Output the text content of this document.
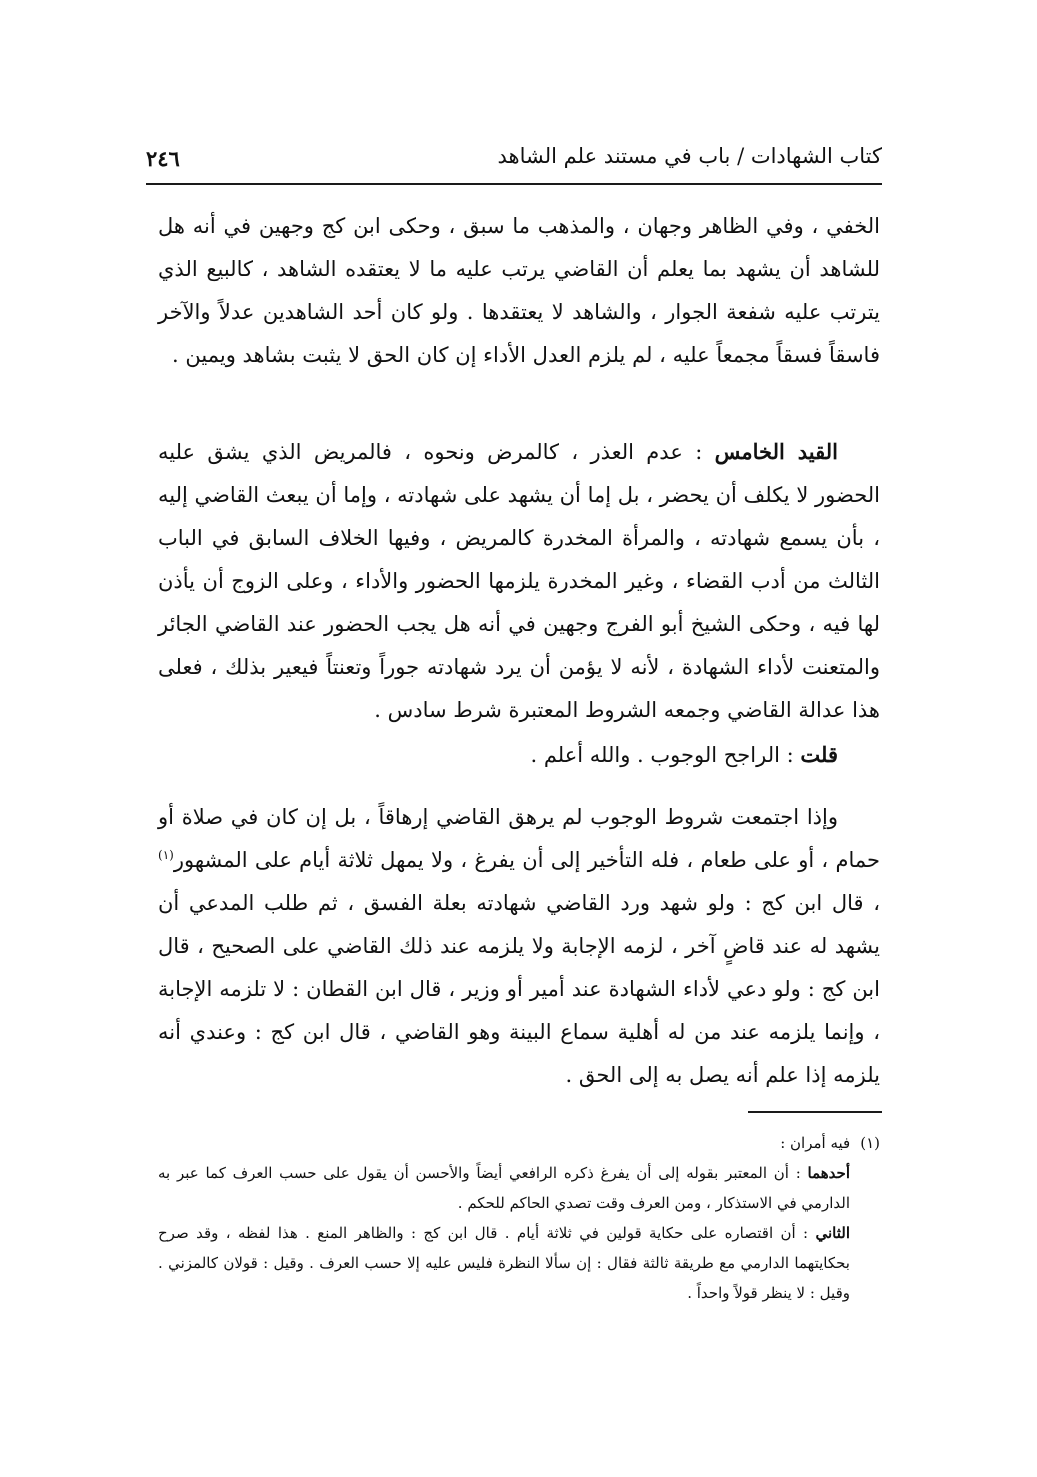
كتاب الشهادات / باب في مستند علم الشاهد
٢٤٦

الخفي ، وفي الظاهر وجهان ، والمذهب ما سبق ، وحكى ابن كج وجهين في أنه هل للشاهد أن يشهد بما يعلم أن القاضي يرتب عليه ما لا يعتقده الشاهد ، كالبيع الذي يترتب عليه شفعة الجوار ، والشاهد لا يعتقدها . ولو كان أحد الشاهدين عدلاً والآخر فاسقاً فسقاً مجمعاً عليه ، لم يلزم العدل الأداء إن كان الحق لا يثبت بشاهد ويمين .

القيد الخامس : عدم العذر ، كالمرض ونحوه ، فالمريض الذي يشق عليه الحضور لا يكلف أن يحضر ، بل إما أن يشهد على شهادته ، وإما أن يبعث القاضي إليه ، بأن يسمع شهادته ، والمرأة المخدرة كالمريض ، وفيها الخلاف السابق في الباب الثالث من أدب القضاء ، وغير المخدرة يلزمها الحضور والأداء ، وعلى الزوج أن يأذن لها فيه ، وحكى الشيخ أبو الفرج وجهين في أنه هل يجب الحضور عند القاضي الجائر والمتعنت لأداء الشهادة ، لأنه لا يؤمن أن يرد شهادته جوراً وتعنتاً فيعير بذلك ، فعلى هذا عدالة القاضي وجمعه الشروط المعتبرة شرط سادس .

قلت : الراجح الوجوب . والله أعلم .

وإذا اجتمعت شروط الوجوب لم يرهق القاضي إرهاقاً ، بل إن كان في صلاة أو حمام ، أو على طعام ، فله التأخير إلى أن يفرغ ، ولا يمهل ثلاثة أيام على المشهور$^{(١)}$ ، قال ابن كج : ولو شهد ورد القاضي شهادته بعلة الفسق ، ثم طلب المدعي أن يشهد له عند قاضٍ آخر ، لزمه الإجابة ولا يلزمه عند ذلك القاضي على الصحيح ، قال ابن كج : ولو دعي لأداء الشهادة عند أمير أو وزير ، قال ابن القطان : لا تلزمه الإجابة ، وإنما يلزمه عند من له أهلية سماع البينة وهو القاضي ، قال ابن كج : وعندي أنه يلزمه إذا علم أنه يصل به إلى الحق .

(١)فيه أمران :

أحدهما : أن المعتبر بقوله إلى أن يفرغ ذكره الرافعي أيضاً والأحسن أن يقول على حسب العرف كما عبر به الدارمي في الاستذكار ، ومن العرف وقت تصدي الحاكم للحكم .

الثاني : أن اقتصاره على حكاية قولين في ثلاثة أيام . قال ابن كج : والظاهر المنع . هذا لفظه ، وقد صرح بحكايتهما الدارمي مع طريقة ثالثة فقال : إن سألا النظرة فليس عليه إلا حسب العرف . وقيل : قولان كالمزني . وقيل : لا ينظر قولاً واحداً .
